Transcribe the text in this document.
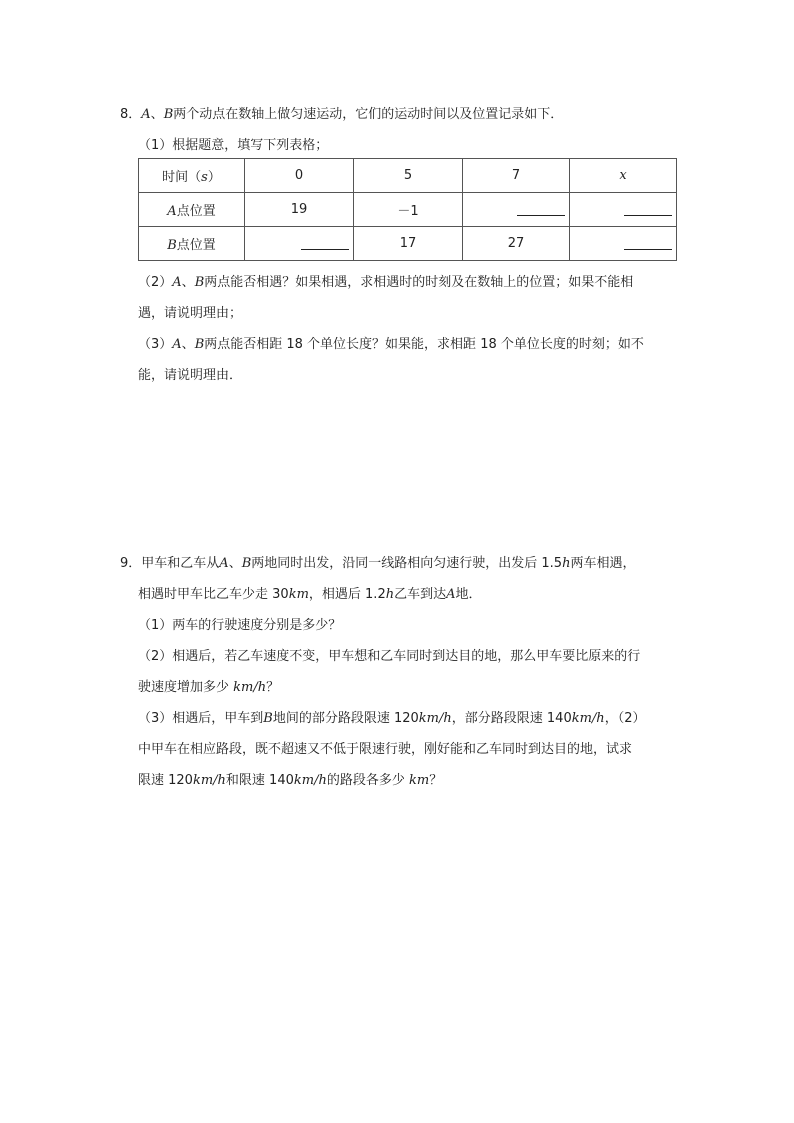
8．A、B两个动点在数轴上做匀速运动，它们的运动时间以及位置记录如下．
（1）根据题意，填写下列表格；
时间（s）	0	5	7	x
A点位置	19	－1	

B点位置		17	27	
（2）A、B两点能否相遇？如果相遇，求相遇时的时刻及在数轴上的位置；如果不能相
遇，请说明理由；
（3）A、B两点能否相距 18 个单位长度？如果能，求相距 18 个单位长度的时刻；如不
能，请说明理由．
9．甲车和乙车从A、B两地同时出发，沿同一线路相向匀速行驶，出发后 1.5h两车相遇，
相遇时甲车比乙车少走 30km，相遇后 1.2h乙车到达A地．
（1）两车的行驶速度分别是多少？
（2）相遇后，若乙车速度不变，甲车想和乙车同时到达目的地，那么甲车要比原来的行
驶速度增加多少 km/h？
（3）相遇后，甲车到B地间的部分路段限速 120km/h，部分路段限速 140km/h，（2）
中甲车在相应路段，既不超速又不低于限速行驶，刚好能和乙车同时到达目的地，试求
限速 120km/h和限速 140km/h的路段各多少 km？
